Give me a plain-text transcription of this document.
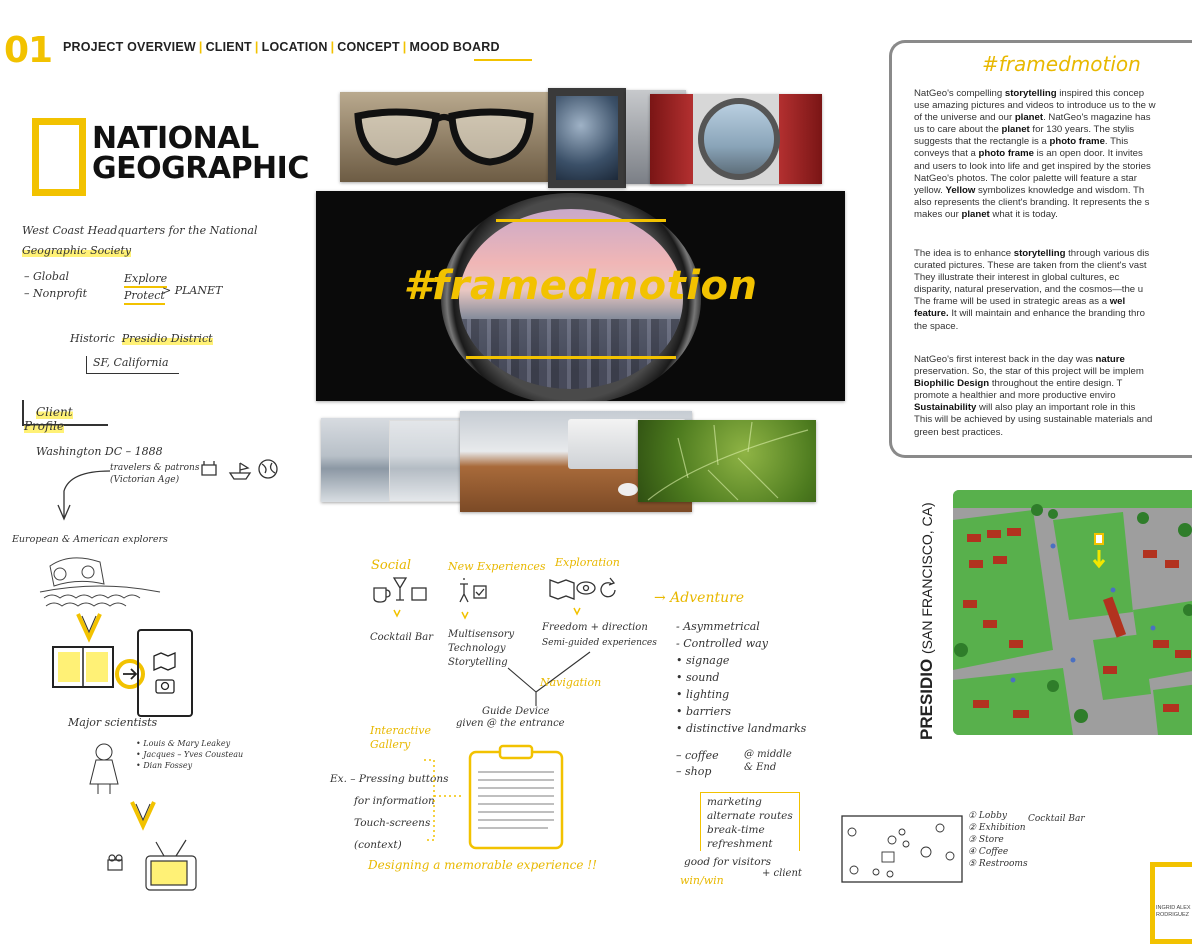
01 PROJECT OVERVIEW | CLIENT | LOCATION | CONCEPT | MOOD BOARD
NATIONAL
GEOGRAPHIC
West Coast Headquarters for the National
Geographic Society
– Global
– Nonprofit
Explore
Protect
> PLANET
Historic Presidio District
SF, California
Client Profile
Washington DC – 1888
travelers & patrons
(Victorian Age)
European & American explorers
Major scientists
• Louis & Mary Leakey
• Jacques – Yves Cousteau
• Dian Fossey
#framedmotion
Social	New Experiences Exploration
→ Adventure
Cocktail Bar Multisensory
Technology
Storytelling
Freedom + direction
Semi-guided experiences
Navigation
Guide Device
given @ the entrance
Interactive
Gallery
Ex. – Pressing buttons
for information
Touch-screens
(context)
Designing a memorable experience !!
- Asymmetrical
- Controlled way
• signage
• sound
• lighting
• barriers
• distinctive landmarks
– coffee
– shop
@ middle & End
marketing
alternate routes
break-time
refreshment
good for visitors
+ client
win/win
#framedmotion
NatGeo's compelling storytelling inspired this concep
use amazing pictures and videos to introduce us to the w
of the universe and our planet. NatGeo's magazine has
us to care about the planet for 130 years. The stylis
suggests that the rectangle is a photo frame. This
conveys that a photo frame is an open door. It invites
and users to look into life and get inspired by the stories
NatGeo's photos. The color palette will feature a star
yellow. Yellow symbolizes knowledge and wisdom. Th
also represents the client's branding. It represents the s
makes our planet what it is today.
The idea is to enhance storytelling through various dis
curated pictures. These are taken from the client's vast
They illustrate their interest in global cultures, ec
disparity, natural preservation, and the cosmos—the u
The frame will be used in strategic areas as a wel
feature. It will maintain and enhance the branding thro
the space.
NatGeo's first interest back in the day was nature
preservation. So, the star of this project will be implem
Biophilic Design throughout the entire design. T
promote a healthier and more productive enviro
Sustainability will also play an important role in this
This will be achieved by using sustainable materials and
green best practices.
PRESIDIO (SAN FRANCISCO, CA)
① Lobby
② Exhibition
③ Store
④ Coffee
⑤ Restrooms
Cocktail Bar
INGRID ALEX
RODRIGUEZ
